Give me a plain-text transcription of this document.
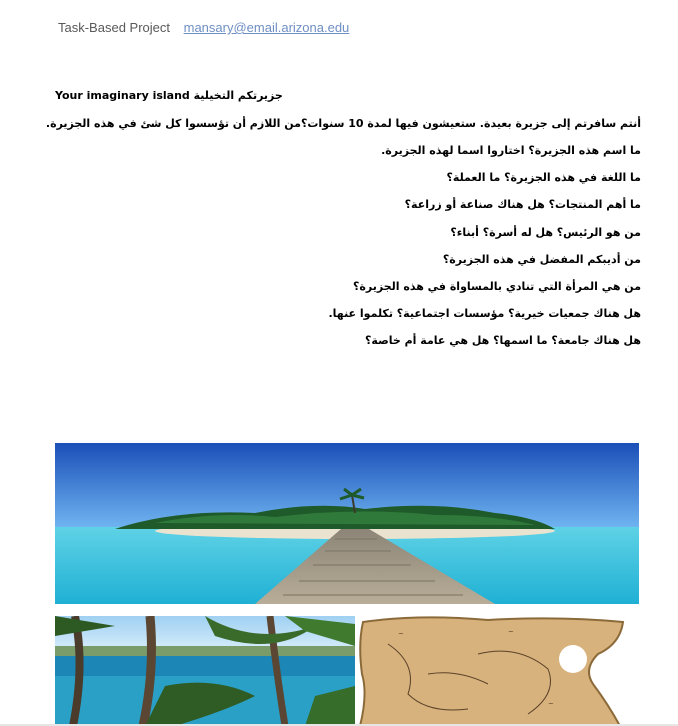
Task-Based Project mansary@email.arizona.edu
Your imaginary island جزيرتكم التخيلية
أنتم سافرتم إلى جزيرة بعيدة. ستعيشون فيها لمدة 10 سنوات؟من اللازم أن تؤسسوا كل شئ في هذه الجزيرة.
ما اسم هذه الجزيرة؟ اختاروا اسما لهذه الجزيرة.
ما اللغة في هذه الجزيرة؟ ما العملة؟
ما أهم المنتجات؟ هل هناك صناعة أو زراعة؟
من هو الرئيس؟ هل له أسرة؟ أبناء؟
من أديبكم المفضل في هذه الجزيرة؟
من هي المرأة التي تنادي بالمساواة في هذه الجزيرة؟
هل هناك جمعيات خيرية؟ مؤسسات اجتماعية؟ تكلموا عنها.
هل هناك جامعة؟ ما اسمها؟ هل هي عامة أم خاصة؟
~	~
~
